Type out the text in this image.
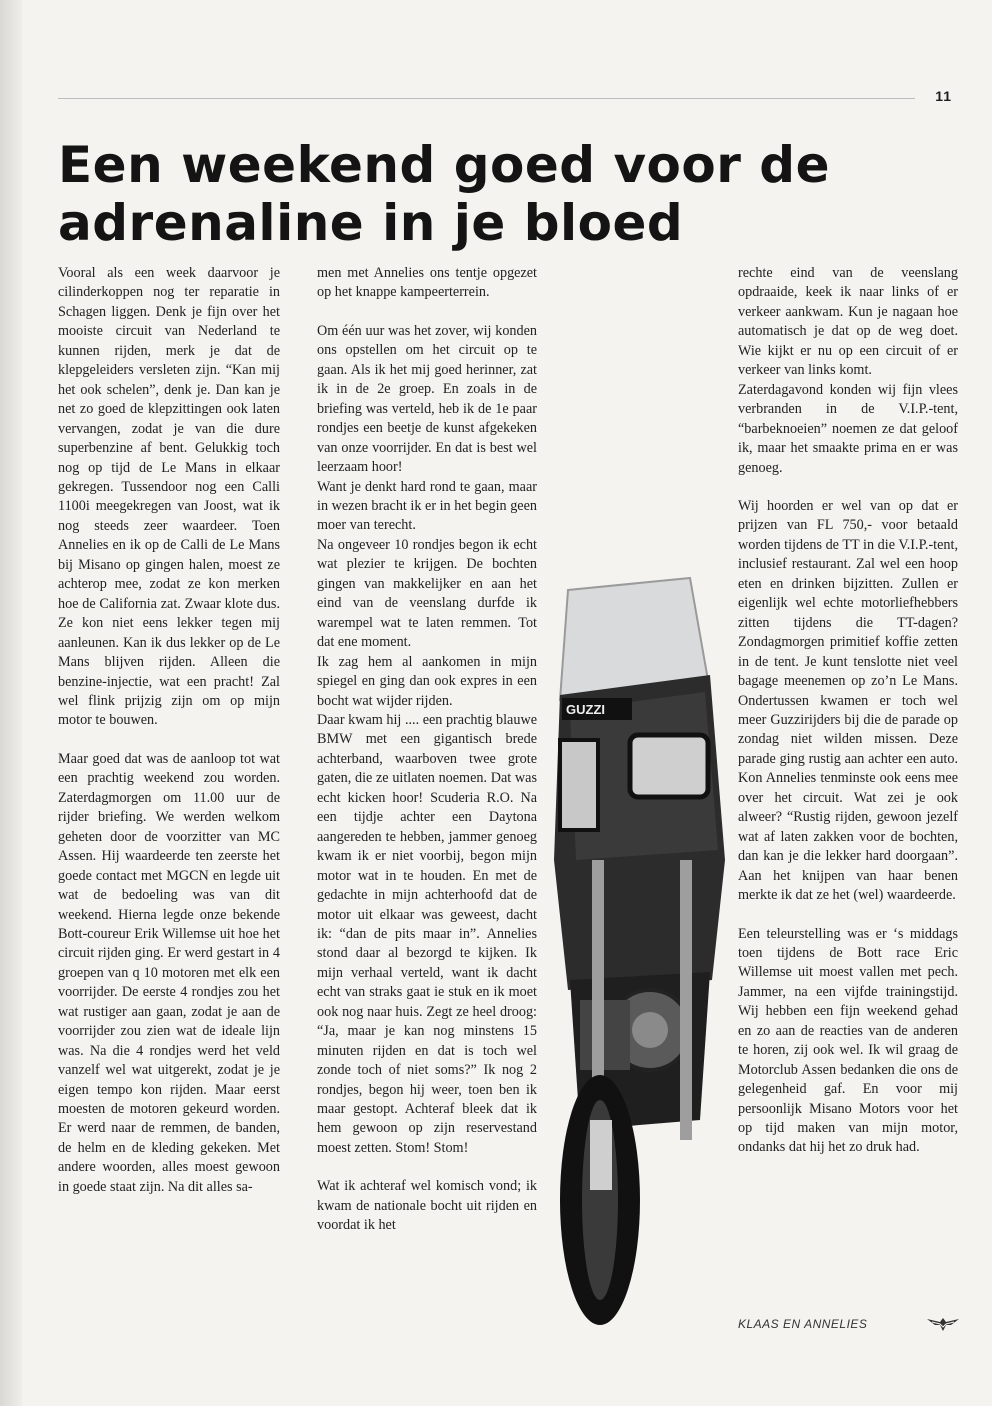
11
Een weekend goed voor de
adrenaline in je bloed

Vooral als een week daarvoor je cilinderkoppen nog ter reparatie in Schagen liggen. Denk je fijn over het mooiste circuit van Nederland te kunnen rijden, merk je dat de klepgeleiders versleten zijn. “Kan mij het ook schelen”, denk je. Dan kan je net zo goed de klepzittingen ook laten vervangen, zodat je van die dure superbenzine af bent. Gelukkig toch nog op tijd de Le Mans in elkaar gekregen. Tussendoor nog een Calli 1100i meegekregen van Joost, wat ik nog steeds zeer waardeer. Toen Annelies en ik op de Calli de Le Mans bij Misano op gingen halen, moest ze achterop mee, zodat ze kon merken hoe de California zat. Zwaar klote dus. Ze kon niet eens lekker tegen mij aanleunen. Kan ik dus lekker op de Le Mans blijven rijden. Alleen die benzine-injectie, wat een pracht! Zal wel flink prijzig zijn om op mijn motor te bouwen.

Maar goed dat was de aanloop tot wat een prachtig weekend zou worden. Zaterdagmorgen om 11.00 uur de rijder briefing. We werden welkom geheten door de voorzitter van MC Assen. Hij waardeerde ten zeerste het goede contact met MGCN en legde uit wat de bedoeling was van dit weekend. Hierna legde onze bekende Bott-coureur Erik Willemse uit hoe het circuit rijden ging. Er werd gestart in 4 groepen van q 10 motoren met elk een voorrijder. De eerste 4 rondjes zou het wat rustiger aan gaan, zodat je aan de voorrijder zou zien wat de ideale lijn was. Na die 4 rondjes werd het veld vanzelf wel wat uitgerekt, zodat je je eigen tempo kon rijden. Maar eerst moesten de motoren gekeurd worden. Er werd naar de remmen, de banden, de helm en de kleding gekeken. Met andere woorden, alles moest gewoon in goede staat zijn. Na dit alles sa-

men met Annelies ons tentje opgezet op het knappe kampeerterrein.

Om één uur was het zover, wij konden ons opstellen om het circuit op te gaan. Als ik het mij goed herinner, zat ik in de 2e groep. En zoals in de briefing was verteld, heb ik de 1e paar rondjes een beetje de kunst afgekeken van onze voorrijder. En dat is best wel leerzaam hoor!

Want je denkt hard rond te gaan, maar in wezen bracht ik er in het begin geen moer van terecht.

Na ongeveer 10 rondjes begon ik echt wat plezier te krijgen. De bochten gingen van makkelijker en aan het eind van de veenslang durfde ik warempel wat te laten remmen. Tot dat ene moment.

Ik zag hem al aankomen in mijn spiegel en ging dan ook expres in een bocht wat wijder rijden.

Daar kwam hij .... een prachtig blauwe BMW met een gigantisch brede achterband, waarboven twee grote gaten, die ze uitlaten noemen. Dat was echt kicken hoor! Scuderia R.O. Na een tijdje achter een Daytona aangereden te hebben, jammer genoeg kwam ik er niet voorbij, begon mijn motor wat in te houden. En met de gedachte in mijn achterhoofd dat de motor uit elkaar was geweest, dacht ik: “dan de pits maar in”. Annelies stond daar al bezorgd te kijken. Ik mijn verhaal verteld, want ik dacht echt van straks gaat ie stuk en ik moet ook nog naar huis. Zegt ze heel droog: “Ja, maar je kan nog minstens 15 minuten rijden en dat is toch wel zonde toch of niet soms?” Ik nog 2 rondjes, begon hij weer, toen ben ik maar gestopt. Achteraf bleek dat ik hem gewoon op zijn reservestand moest zetten. Stom! Stom!

Wat ik achteraf wel komisch vond; ik kwam de nationale bocht uit rijden en voordat ik het

rechte eind van de veenslang opdraaide, keek ik naar links of er verkeer aankwam. Kun je nagaan hoe automatisch je dat op de weg doet. Wie kijkt er nu op een circuit of er verkeer van links komt.

Zaterdagavond konden wij fijn vlees verbranden in de V.I.P.-tent, “barbeknoeien” noemen ze dat geloof ik, maar het smaakte prima en er was genoeg.

Wij hoorden er wel van op dat er prijzen van FL 750,- voor betaald worden tijdens de TT in die V.I.P.-tent, inclusief restaurant. Zal wel een hoop eten en drinken bijzitten. Zullen er eigenlijk wel echte motorliefhebbers zitten tijdens die TT-dagen? Zondagmorgen primitief koffie zetten in de tent. Je kunt tenslotte niet veel bagage meenemen op zo’n Le Mans. Ondertussen kwamen er toch wel meer Guzzirijders bij die de parade op zondag niet wilden missen. Deze parade ging rustig aan achter een auto. Kon Annelies tenminste ook eens mee over het circuit. Wat zei je ook alweer? “Rustig rijden, gewoon jezelf wat af laten zakken voor de bochten, dan kan je die lekker hard doorgaan”. Aan het knijpen van haar benen merkte ik dat ze het (wel) waardeerde.

Een teleurstelling was er ‘s middags toen tijdens de Bott race Eric Willemse uit moest vallen met pech. Jammer, na een vijfde trainingstijd. Wij hebben een fijn weekend gehad en zo aan de reacties van de anderen te horen, zij ook wel. Ik wil graag de Motorclub Assen bedanken die ons de gelegenheid gaf. En voor mij persoonlijk Misano Motors voor het op tijd maken van mijn motor, ondanks dat hij het zo druk had.

GUZZI
KLAAS EN ANNELIES
